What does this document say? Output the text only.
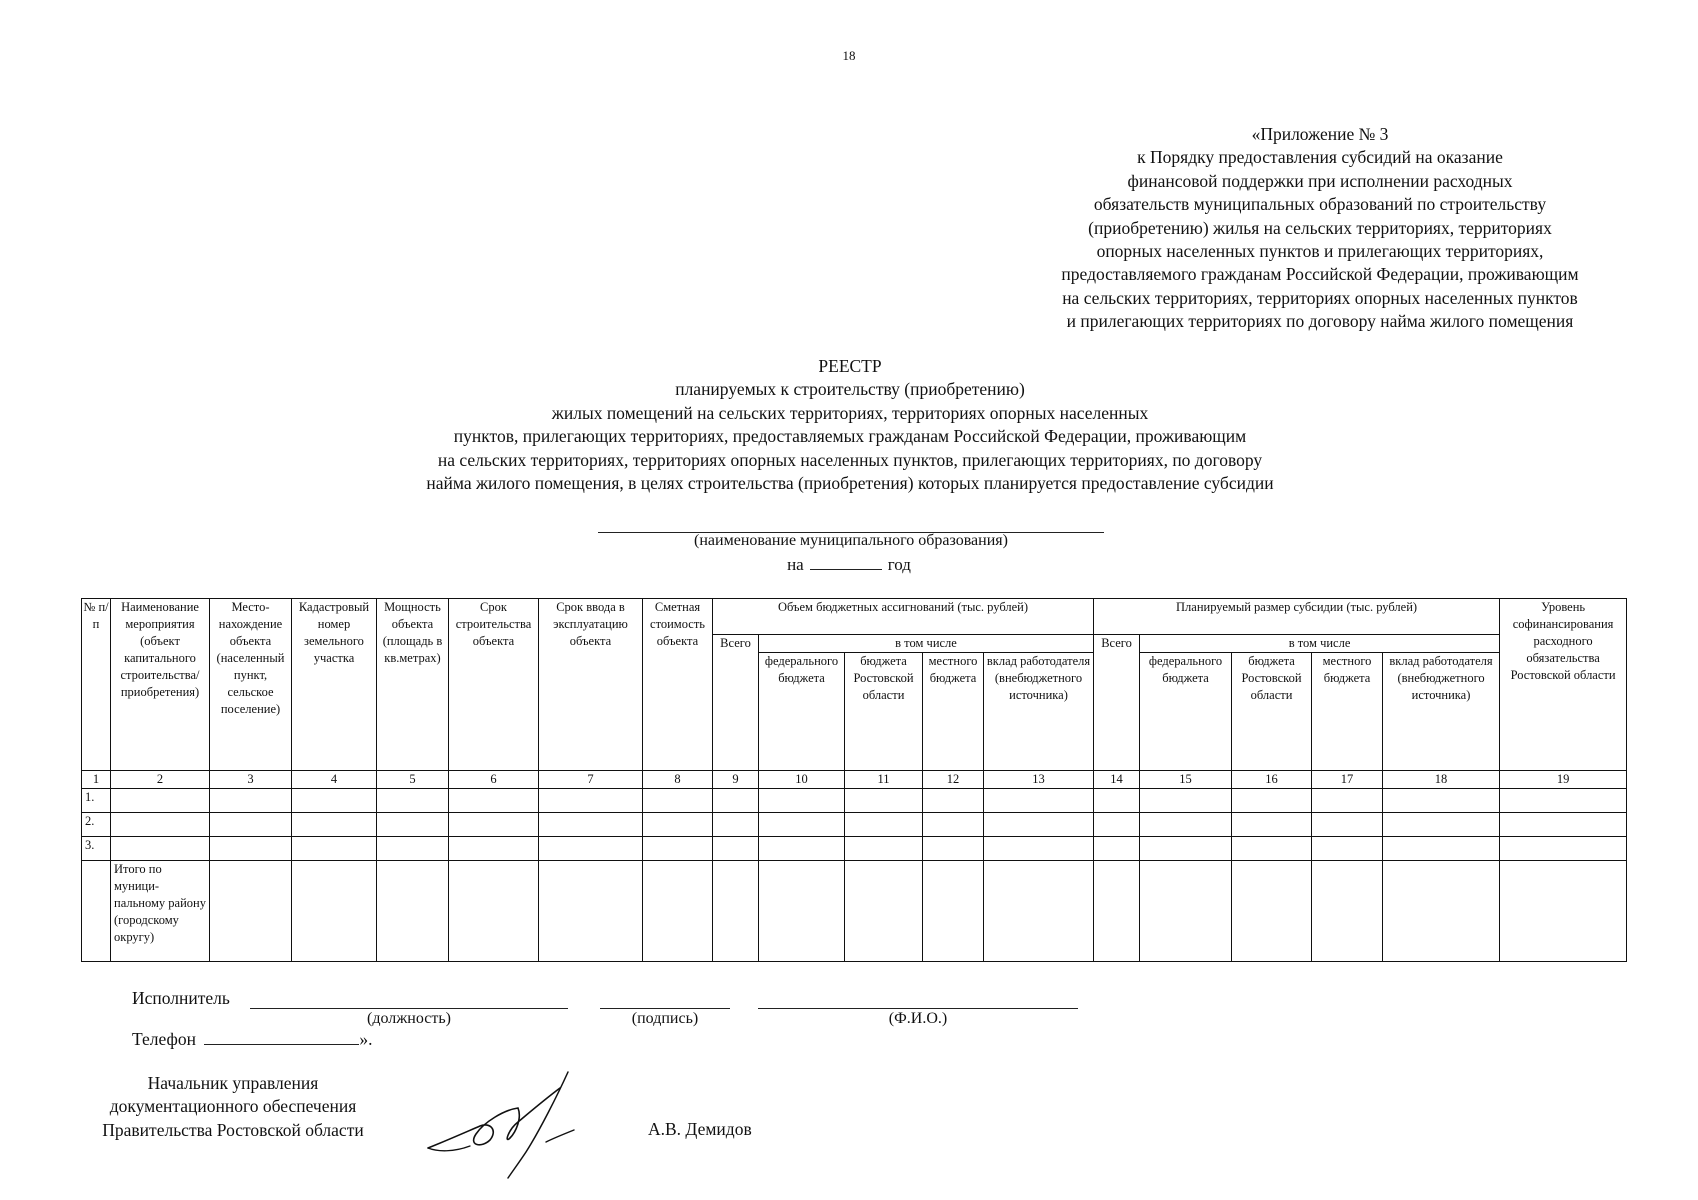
18
«Приложение № 3
к Порядку предоставления субсидий на оказание
финансовой поддержки при исполнении расходных
обязательств муниципальных образований по строительству
(приобретению) жилья на сельских территориях, территориях
опорных населенных пунктов и прилегающих территориях,
предоставляемого гражданам Российской Федерации, проживающим
на сельских территориях, территориях опорных населенных пунктов
и прилегающих территориях по договору найма жилого помещения
РЕЕСТР
планируемых к строительству (приобретению)
жилых помещений на сельских территориях, территориях опорных населенных
пунктов, прилегающих территориях, предоставляемых гражданам Российской Федерации, проживающим
на сельских территориях, территориях опорных населенных пунктов, прилегающих территориях, по договору
найма жилого помещения, в целях строительства (приобретения) которых планируется предоставление субсидии
(наименование муниципального образования)
на	год
№ п/п	Наименование мероприятия (объект капитального строительства/ приобретения)	Место-нахождение объекта (населенный пункт, сельское поселение)	Кадастровый номер земельного участка	Мощность объекта (площадь в кв.метрах)	Срок строительства объекта	Срок ввода в эксплуатацию объекта	Сметная стоимость объекта	Объем бюджетных ассигнований (тыс. рублей)					Планируемый размер субсидии (тыс. рублей)					Уровень софинансирования расходного обязательства Ростовской области
								Всего	в том числе				Всего	в том числе				
									федерального бюджета	бюджета Ростовской области	местного бюджета	вклад работодателя (внебюджетного источника)		федерального бюджета	бюджета Ростовской области	местного бюджета	вклад работодателя (внебюджетного источника)	
1	2	3	4	5	6	7	8	9	10	11	12	13	14	15	16	17	18	19
1.																		
2.																		
3.																		
	Итого по муници-пальному району (городскому округу)																	
Исполнитель
(должность)	(подпись)	(Ф.И.О.)
Телефон	».
Начальник управления
документационного обеспечения
Правительства Ростовской области	А.В. Демидов
